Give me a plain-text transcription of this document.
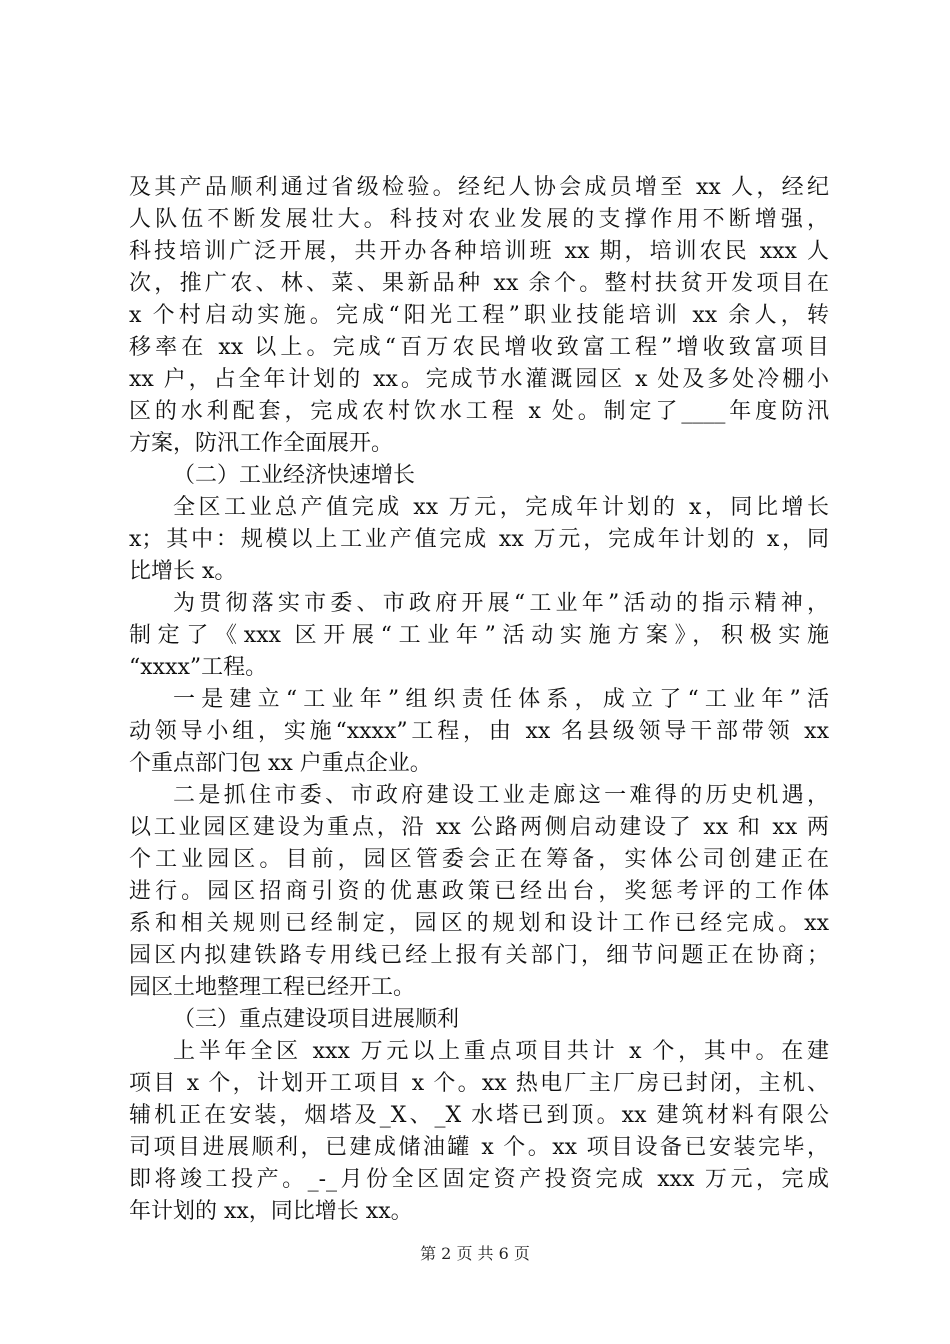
及其产品顺利通过省级检验。经纪人协会成员增至 xx 人，经纪
人队伍不断发展壮大。科技对农业发展的支撑作用不断增强，
科技培训广泛开展，共开办各种培训班 xx 期，培训农民 xxx 人
次，推广农、林、菜、果新品种 xx 余个。整村扶贫开发项目在
x 个村启动实施。完成“阳光工程”职业技能培训 xx 余人，转
移率在 xx 以上。完成“百万农民增收致富工程”增收致富项目
xx 户，占全年计划的 xx。完成节水灌溉园区 x 处及多处冷棚小
区的水利配套，完成农村饮水工程 x 处。制定了____年度防汛
方案，防汛工作全面展开。
（二）工业经济快速增长
全区工业总产值完成 xx 万元，完成年计划的 x，同比增长
x；其中：规模以上工业产值完成 xx 万元，完成年计划的 x，同
比增长 x。
为贯彻落实市委、市政府开展“工业年”活动的指示精神，
制定了《xxx 区开展“工业年”活动实施方案》，积极实施
“xxxx”工程。
一是建立“工业年”组织责任体系，成立了“工业年”活
动领导小组，实施“xxxx”工程，由 xx 名县级领导干部带领 xx
个重点部门包 xx 户重点企业。
二是抓住市委、市政府建设工业走廊这一难得的历史机遇，
以工业园区建设为重点，沿 xx 公路两侧启动建设了 xx 和 xx 两
个工业园区。目前，园区管委会正在筹备，实体公司创建正在
进行。园区招商引资的优惠政策已经出台，奖惩考评的工作体
系和相关规则已经制定，园区的规划和设计工作已经完成。xx
园区内拟建铁路专用线已经上报有关部门，细节问题正在协商；
园区土地整理工程已经开工。
（三）重点建设项目进展顺利
上半年全区 xxx 万元以上重点项目共计 x 个，其中。在建
项目 x 个，计划开工项目 x 个。xx 热电厂主厂房已封闭，主机、
辅机正在安装，烟塔及_X、_X 水塔已到顶。xx 建筑材料有限公
司项目进展顺利，已建成储油罐 x 个。xx 项目设备已安装完毕，
即将竣工投产。_-_月份全区固定资产投资完成 xxx 万元，完成
年计划的 xx，同比增长 xx。
第 2 页 共 6 页
